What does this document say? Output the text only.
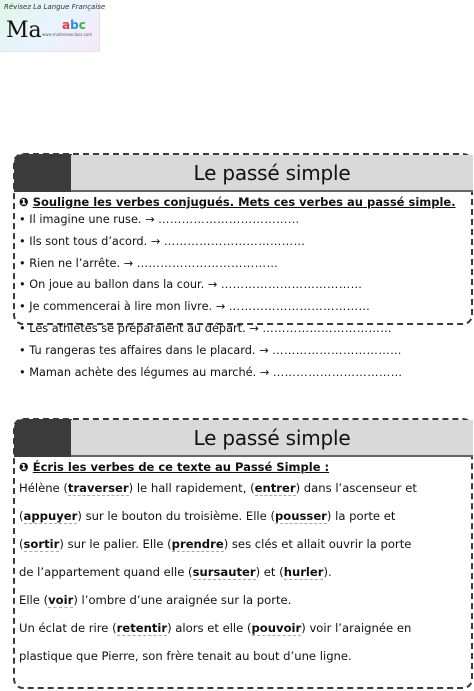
Révisez La Langue Française
Ma abc
www.maitresseclass.com
Le passé simple
❶ Souligne les verbes conjugués. Mets ces verbes au passé simple.
• Il imagine une ruse. → ………………………………
• Ils sont tous d’acord. → ………………………………
• Rien ne l’arrête. → ………………………………
• On joue au ballon dans la cour. → ………………………………
• Je commencerai à lire mon livre. → ………………………………
• Les athlètes se préparaient au départ. → ……………………………
• Tu rangeras tes affaires dans le placard. → ……………………………
• Maman achète des légumes au marché. → ……………………………
Le passé simple
❶ Écris les verbes de ce texte au Passé Simple :
Hélène (traverser) le hall rapidement, (entrer) dans l’ascenseur et
(appuyer) sur le bouton du troisième. Elle (pousser) la porte et
(sortir) sur le palier. Elle (prendre) ses clés et allait ouvrir la porte
de l’appartement quand elle (sursauter) et (hurler).
Elle (voir) l’ombre d’une araignée sur la porte.
Un éclat de rire (retentir) alors et elle (pouvoir) voir l’araignée en
plastique que Pierre, son frère tenait au bout d’une ligne.
